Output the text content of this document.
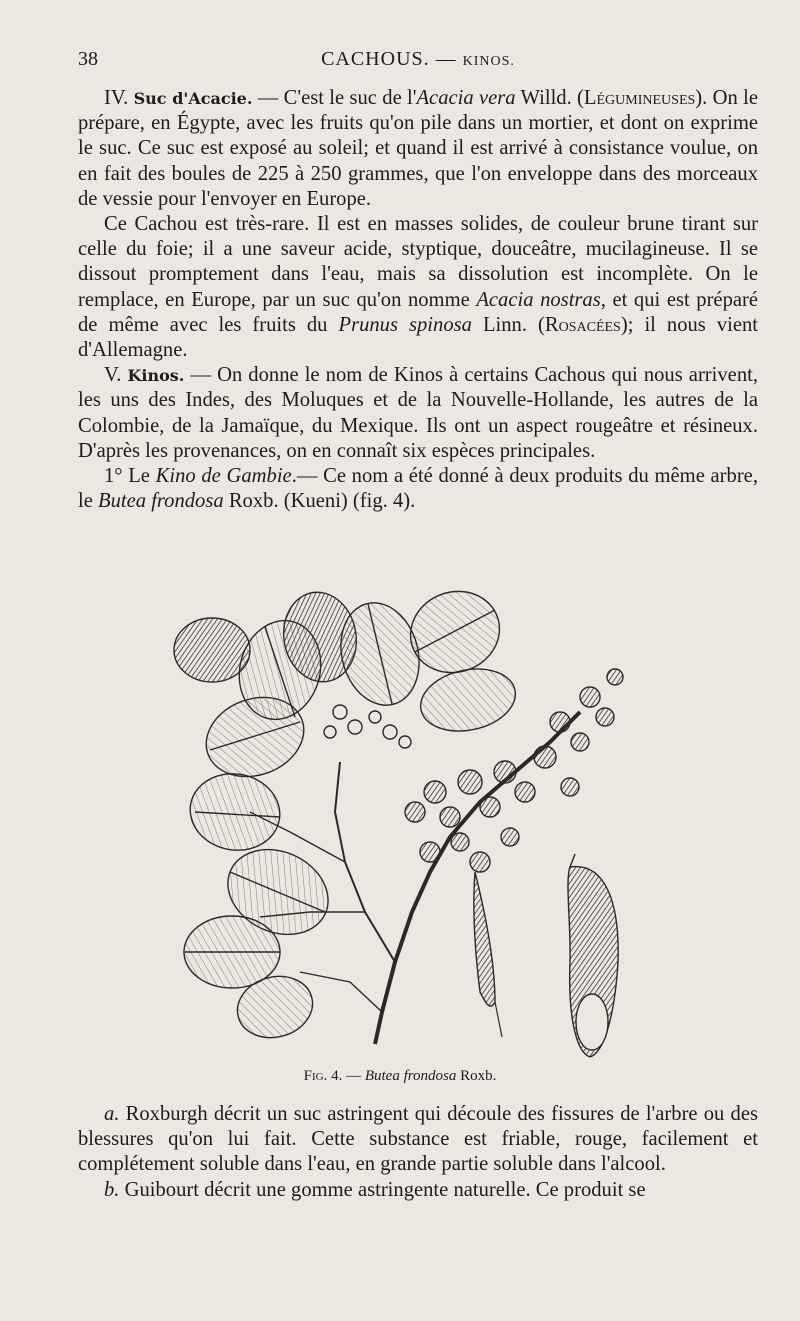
38	CACHOUS. — KINOS.

IV. Suc d'Acacie. — C'est le suc de l'Acacia vera Willd. (Légumineuses). On le prépare, en Égypte, avec les fruits qu'on pile dans un mortier, et dont on exprime le suc. Ce suc est exposé au soleil; et quand il est arrivé à consistance voulue, on en fait des boules de 225 à 250 grammes, que l'on enveloppe dans des morceaux de vessie pour l'envoyer en Europe.

Ce Cachou est très-rare. Il est en masses solides, de couleur brune tirant sur celle du foie; il a une saveur acide, styptique, douceâtre, mucilagineuse. Il se dissout promptement dans l'eau, mais sa dissolution est incomplète. On le remplace, en Europe, par un suc qu'on nomme Acacia nostras, et qui est préparé de même avec les fruits du Prunus spinosa Linn. (Rosacées); il nous vient d'Allemagne.

V. Kinos. — On donne le nom de Kinos à certains Cachous qui nous arrivent, les uns des Indes, des Moluques et de la Nouvelle-Hollande, les autres de la Colombie, de la Jamaïque, du Mexique. Ils ont un aspect rougeâtre et résineux. D'après les provenances, on en connaît six espèces principales.

1° Le Kino de Gambie.— Ce nom a été donné à deux produits du même arbre, le Butea frondosa Roxb. (Kueni) (fig. 4).

Fig. 4. — Butea frondosa Roxb.

a. Roxburgh décrit un suc astringent qui découle des fissures de l'arbre ou des blessures qu'on lui fait. Cette substance est friable, rouge, facilement et complétement soluble dans l'eau, en grande partie soluble dans l'alcool.

b. Guibourt décrit une gomme astringente naturelle. Ce produit se
